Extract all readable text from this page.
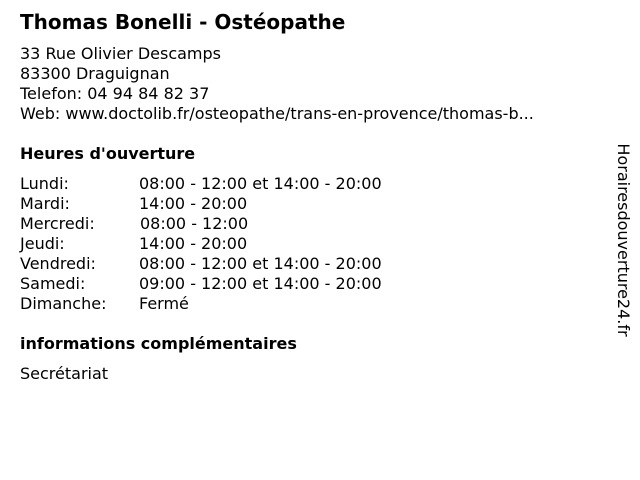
Thomas Bonelli - Ostéopathe
33 Rue Olivier Descamps
83300 Draguignan
Telefon: 04 94 84 82 37
Web: www.doctolib.fr/osteopathe/trans-en-provence/thomas-b...
Heures d'ouverture
Lundi:	08:00 - 12:00 et 14:00 - 20:00
Mardi:	14:00 - 20:00
Mercredi:	08:00 - 12:00
Jeudi:	14:00 - 20:00
Vendredi:	08:00 - 12:00 et 14:00 - 20:00
Samedi:	09:00 - 12:00 et 14:00 - 20:00
Dimanche: Fermé
informations complémentaires
Secrétariat
Horairesdouverture24.fr
